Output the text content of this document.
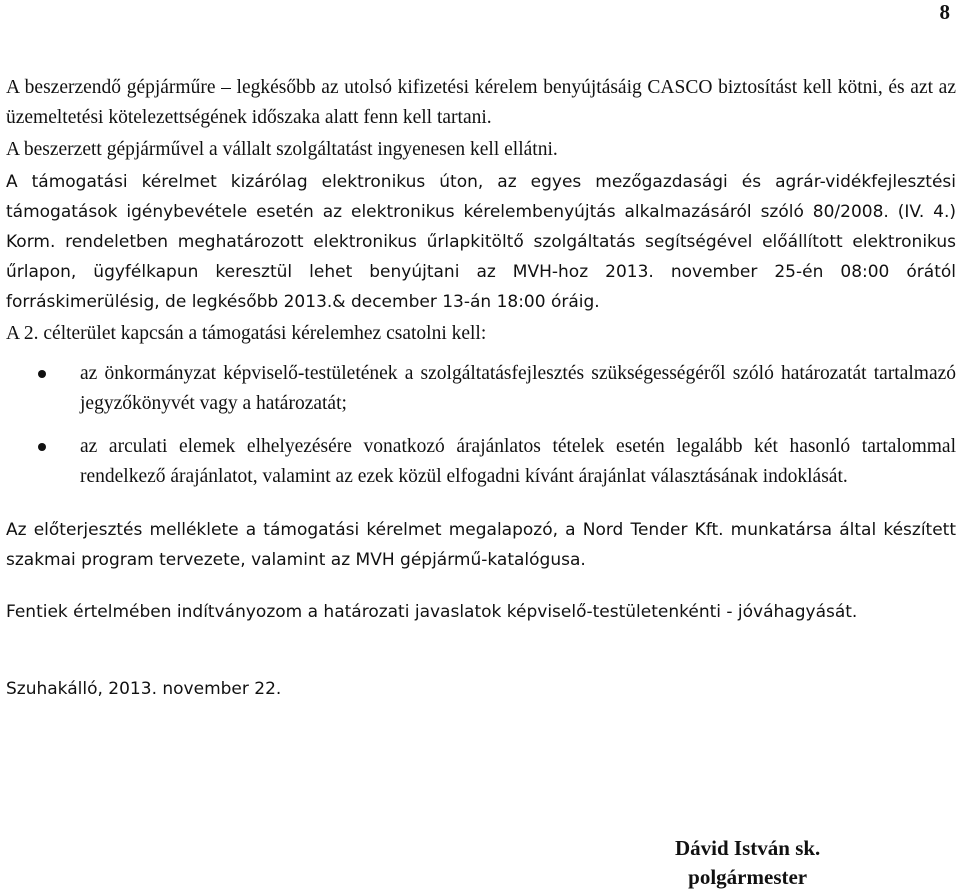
8

A beszerzendő gépjárműre – legkésőbb az utolsó kifizetési kérelem benyújtásáig CASCO biztosítást kell kötni, és azt az üzemeltetési kötelezettségének időszaka alatt fenn kell tartani.

A beszerzett gépjárművel a vállalt szolgáltatást ingyenesen kell ellátni.

A támogatási kérelmet kizárólag elektronikus úton, az egyes mezőgazdasági és agrár-vidékfejlesztési támogatások igénybevétele esetén az elektronikus kérelembenyújtás alkalmazásáról szóló 80/2008. (IV. 4.) Korm. rendeletben meghatározott elektronikus űrlapkitöltő szolgáltatás segítségével előállított elektronikus űrlapon, ügyfélkapun keresztül lehet benyújtani az MVH-hoz 2013. november 25-én 08:00 órától forráskimerülésig, de legkésőbb 2013.& december 13-án 18:00 óráig.

A 2. célterület kapcsán a támogatási kérelemhez csatolni kell:

az önkormányzat képviselő-testületének a szolgáltatásfejlesztés szükségességéről szóló határozatát tartalmazó jegyzőkönyvét vagy a határozatát;
az arculati elemek elhelyezésére vonatkozó árajánlatos tételek esetén legalább két hasonló tartalommal rendelkező árajánlatot, valamint az ezek közül elfogadni kívánt árajánlat választásának indoklását.

Az előterjesztés melléklete a támogatási kérelmet megalapozó, a Nord Tender Kft. munkatársa által készített szakmai program tervezete, valamint az MVH gépjármű-katalógusa.

Fentiek értelmében indítványozom a határozati javaslatok képviselő-testületenkénti - jóváhagyását.

Szuhakálló, 2013. november 22.

Dávid István sk.
polgármester
